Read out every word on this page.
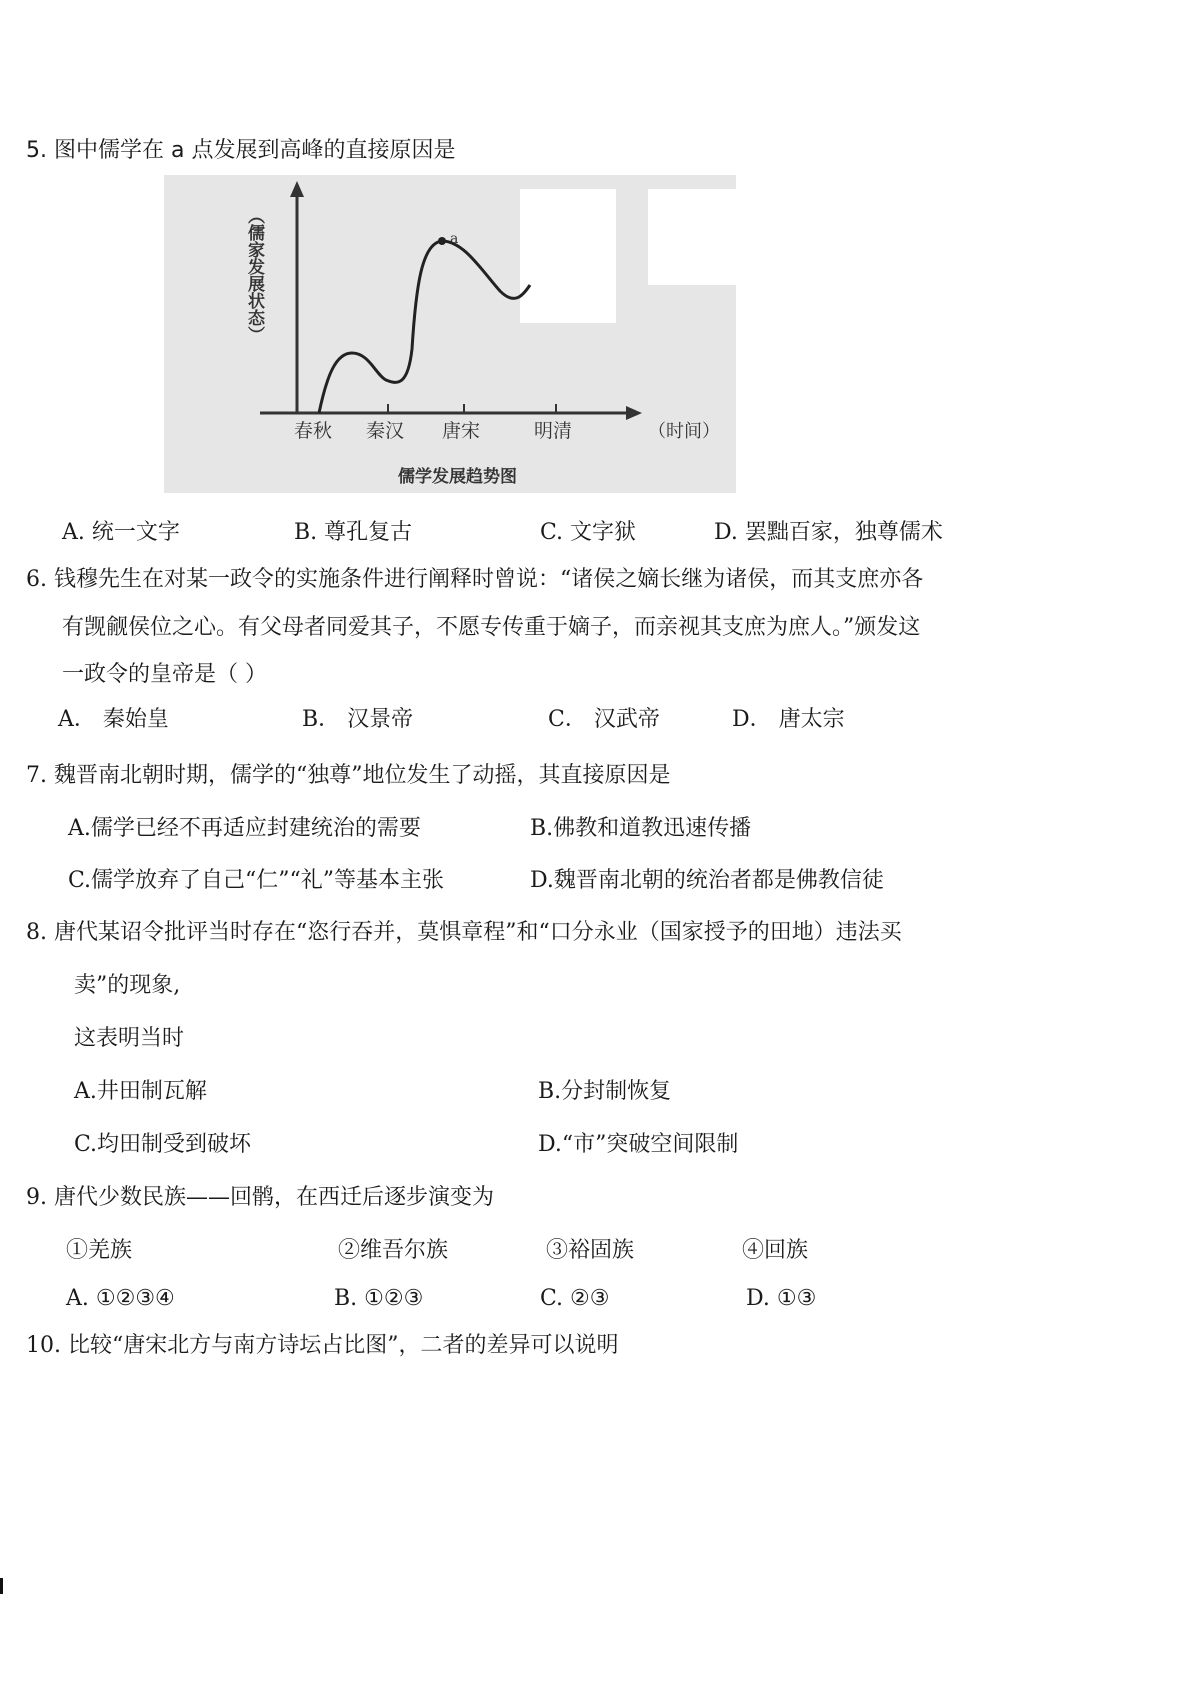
5. 图中儒学在 a 点发展到高峰的直接原因是
a
（儒家发展状态）
春秋 秦汉 唐宋	明清	（时间）
儒学发展趋势图
A. 统一文字	B. 尊孔复古	C. 文字狱	D. 罢黜百家，独尊儒术
6. 钱穆先生在对某一政令的实施条件进行阐释时曾说：“诸侯之嫡长继为诸侯，而其支庶亦各
有觊觎侯位之心。有父母者同爱其子，不愿专传重于嫡子，而亲视其支庶为庶人。”颁发这
一政令的皇帝是（ ）
A． 秦始皇	B． 汉景帝	C． 汉武帝	D． 唐太宗
7. 魏晋南北朝时期，儒学的“独尊”地位发生了动摇，其直接原因是
A.儒学已经不再适应封建统治的需要	B.佛教和道教迅速传播
C.儒学放弃了自己“仁”“礼”等基本主张	D.魏晋南北朝的统治者都是佛教信徒
8. 唐代某诏令批评当时存在“恣行吞并，莫惧章程”和“口分永业（国家授予的田地）违法买
卖”的现象,
这表明当时
A.井田制瓦解	B.分封制恢复
C.均田制受到破坏	D.“市”突破空间限制
9. 唐代少数民族——回鹘，在西迁后逐步演变为
①羌族	②维吾尔族	③裕固族	④回族
A. ①②③④	B. ①②③	C. ②③	D. ①③
10. 比较“唐宋北方与南方诗坛占比图”，二者的差异可以说明
